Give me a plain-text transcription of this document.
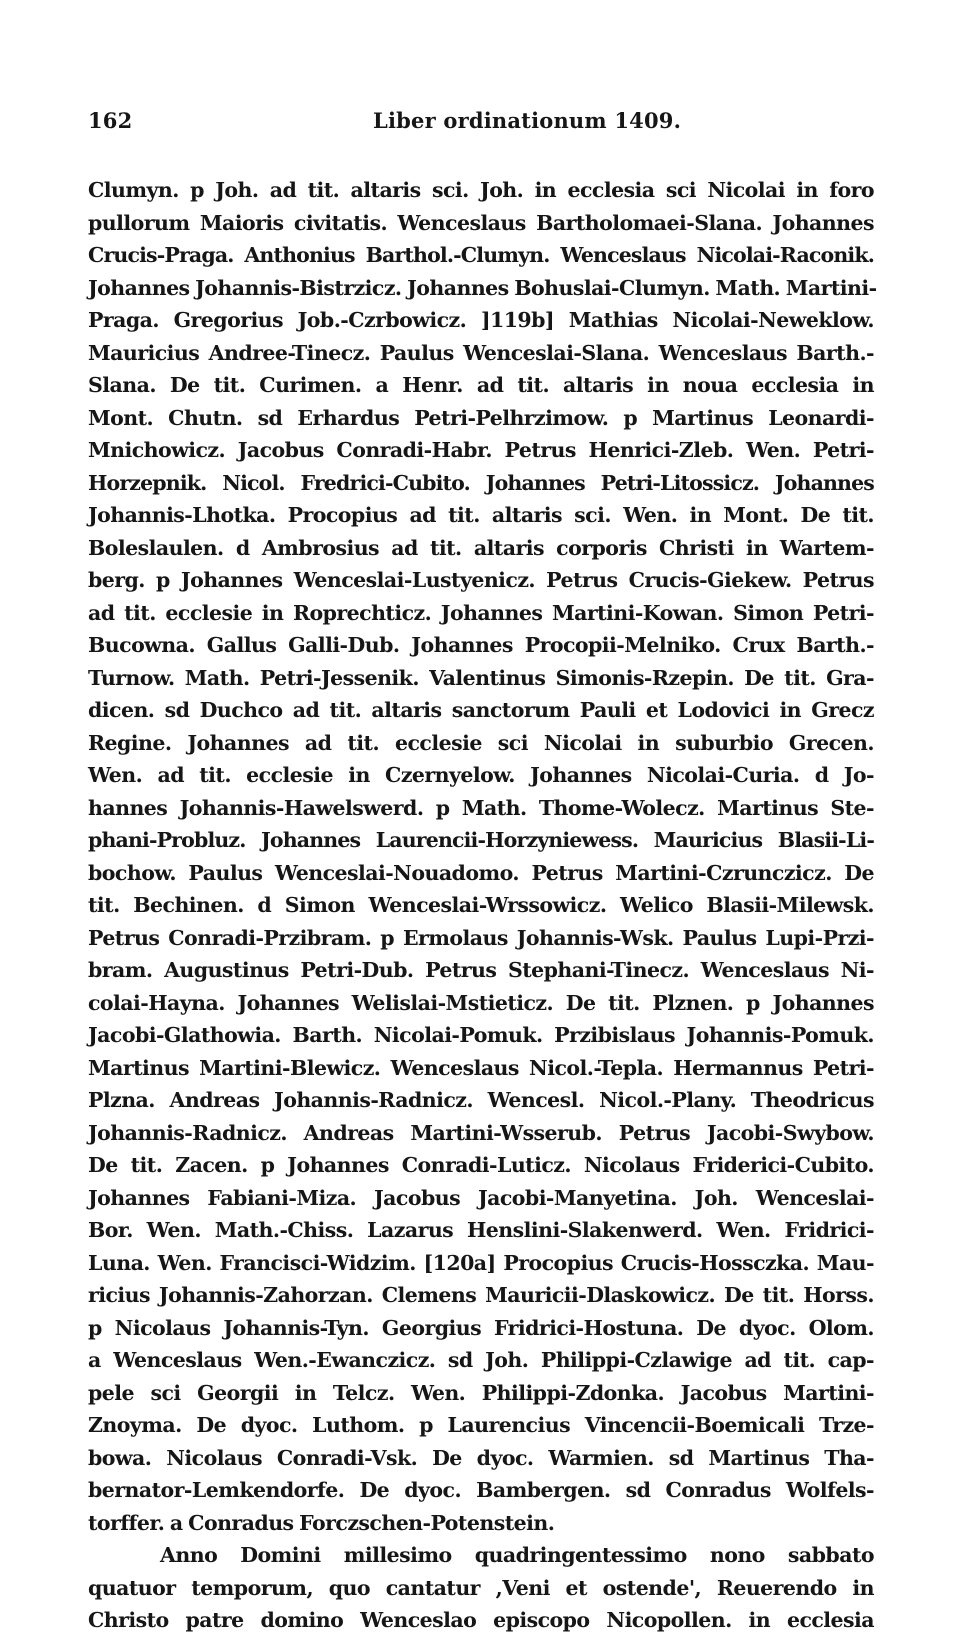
162	Liber ordinationum 1409.
Clumyn. p Joh. ad tit. altaris sci. Joh. in ecclesia sci Nicolai in foro
pullorum Maioris civitatis. Wenceslaus Bartholomaei-Slana. Johannes
Crucis-Praga. Anthonius Barthol.-Clumyn. Wenceslaus Nicolai-Raconik.
Johannes Johannis-Bistrzicz. Johannes Bohuslai-Clumyn. Math. Martini-
Praga. Gregorius Job.-Czrbowicz. ]119b] Mathias Nicolai-Neweklow.
Mauricius Andree-Tinecz. Paulus Wenceslai-Slana. Wenceslaus Barth.-
Slana. De tit. Curimen. a Henr. ad tit. altaris in noua ecclesia in
Mont. Chutn. sd Erhardus Petri-Pelhrzimow. p Martinus Leonardi-
Mnichowicz. Jacobus Conradi-Habr. Petrus Henrici-Zleb. Wen. Petri-
Horzepnik. Nicol. Fredrici-Cubito. Johannes Petri-Litossicz. Johannes
Johannis-Lhotka. Procopius ad tit. altaris sci. Wen. in Mont. De tit.
Boleslaulen. d Ambrosius ad tit. altaris corporis Christi in Wartem-
berg. p Johannes Wenceslai-Lustyenicz. Petrus Crucis-Giekew. Petrus
ad tit. ecclesie in Roprechticz. Johannes Martini-Kowan. Simon Petri-
Bucowna. Gallus Galli-Dub. Johannes Procopii-Melniko. Crux Barth.-
Turnow. Math. Petri-Jessenik. Valentinus Simonis-Rzepin. De tit. Gra-
dicen. sd Duchco ad tit. altaris sanctorum Pauli et Lodovici in Grecz
Regine. Johannes ad tit. ecclesie sci Nicolai in suburbio Grecen.
Wen. ad tit. ecclesie in Czernyelow. Johannes Nicolai-Curia. d Jo-
hannes Johannis-Hawelswerd. p Math. Thome-Wolecz. Martinus Ste-
phani-Probluz. Johannes Laurencii-Horzyniewess. Mauricius Blasii-Li-
bochow. Paulus Wenceslai-Nouadomo. Petrus Martini-Czrunczicz. De
tit. Bechinen. d Simon Wenceslai-Wrssowicz. Welico Blasii-Milewsk.
Petrus Conradi-Przibram. p Ermolaus Johannis-Wsk. Paulus Lupi-Przi-
bram. Augustinus Petri-Dub. Petrus Stephani-Tinecz. Wenceslaus Ni-
colai-Hayna. Johannes Welislai-Mstieticz. De tit. Plznen. p Johannes
Jacobi-Glathowia. Barth. Nicolai-Pomuk. Przibislaus Johannis-Pomuk.
Martinus Martini-Blewicz. Wenceslaus Nicol.-Tepla. Hermannus Petri-
Plzna. Andreas Johannis-Radnicz. Wencesl. Nicol.-Plany. Theodricus
Johannis-Radnicz. Andreas Martini-Wsserub. Petrus Jacobi-Swybow.
De tit. Zacen. p Johannes Conradi-Luticz. Nicolaus Friderici-Cubito.
Johannes Fabiani-Miza. Jacobus Jacobi-Manyetina. Joh. Wenceslai-
Bor. Wen. Math.-Chiss. Lazarus Henslini-Slakenwerd. Wen. Fridrici-
Luna. Wen. Francisci-Widzim. [120a] Procopius Crucis-Hossczka. Mau-
ricius Johannis-Zahorzan. Clemens Mauricii-Dlaskowicz. De tit. Horss.
p Nicolaus Johannis-Tyn. Georgius Fridrici-Hostuna. De dyoc. Olom.
a Wenceslaus Wen.-Ewanczicz. sd Joh. Philippi-Czlawige ad tit. cap-
pele sci Georgii in Telcz. Wen. Philippi-Zdonka. Jacobus Martini-
Znoyma. De dyoc. Luthom. p Laurencius Vincencii-Boemicali Trze-
bowa. Nicolaus Conradi-Vsk. De dyoc. Warmien. sd Martinus Tha-
bernator-Lemkendorfe. De dyoc. Bambergen. sd Conradus Wolfels-
torffer. a Conradus Forczschen-Potenstein.
Anno Domini millesimo quadringentessimo nono sabbato
quatuor temporum, quo cantatur ,Veni et ostende', Reuerendo in
Christo patre domino Wenceslao episcopo Nicopollen. in ecclesia
